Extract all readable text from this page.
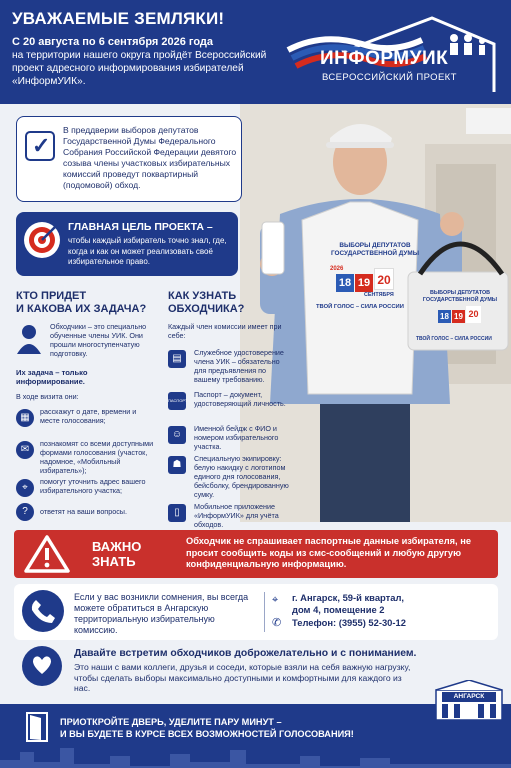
УВАЖАЕМЫЕ ЗЕМЛЯКИ!
С 20 августа по 6 сентября 2026 года
на территории нашего округа пройдёт Всероссийский проект адресного информирования избирателей «ИнформУИК».
ИНФОРМУИК
ВСЕРОССИЙСКИЙ ПРОЕКТ
ВЫБОРЫ ДЕПУТАТОВ
ГОСУДАРСТВЕННОЙ ДУМЫ
2026
18 19 20
СЕНТЯБРЯ
ТВОЙ ГОЛОС – СИЛА РОССИИ
ВЫБОРЫ ДЕПУТАТОВ
ГОСУДАРСТВЕННОЙ ДУМЫ
18 19 20
ТВОЙ ГОЛОС – СИЛА РОССИИ
✓
В преддверии выборов депутатов Государственной Думы Федерального Собрания Российской Федерации девятого созыва члены участковых избирательных комиссий проведут поквартирный (подомовой) обход.
ГЛАВНАЯ ЦЕЛЬ ПРОЕКТА –
чтобы каждый избиратель точно знал, где, когда и как он может реализовать своё избирательное право.
КТО ПРИДЕТ
И КАКОВА ИХ ЗАДАЧА?
Обходчики – это специально обученные члены УИК. Они прошли многоступенчатую подготовку.
Их задача – только информирование.
В ходе визита они:
▦
расскажут о дате, времени и месте голосования;
✉
познакомят со всеми доступными формами голосования (участок, надомное, «Мобильный избиратель»);
⌖
помогут уточнить адрес вашего избирательного участка;
?	ответят на ваши вопросы.
КАК УЗНАТЬ
ОБХОДЧИКА?
Каждый член комиссии имеет при себе:
▤
Служебное удостоверение члена УИК – обязательно для предъявления по вашему требованию.
ПАСПОРТ
Паспорт – документ, удостоверяющий личность.
☺
Именной бейдж с ФИО и номером избирательного участка.
☗
Специальную экипировку: белую накидку с логотипом единого дня голосования, бейсболку, брендированную сумку.
▯
Мобильное приложение «ИнформУИК» для учёта обходов.
ВАЖНО
ЗНАТЬ
Обходчик не спрашивает паспортные данные избирателя, не просит сообщить коды из смс-сообщений и любую другую конфиденциальную информацию.
Если у вас возникли сомнения, вы всегда можете обратиться в Ангарскую территориальную избирательную комиссию.
⌖ г. Ангарск, 59-й квартал,
дом 4, помещение 2
✆ Телефон: (3955) 52-30-12
Давайте встретим обходчиков доброжелательно и с пониманием.
Это наши с вами коллеги, друзья и соседи, которые взяли на себя важную нагрузку, чтобы сделать выборы максимально доступными и комфортными для каждого из нас.
ПРИОТКРОЙТЕ ДВЕРЬ, УДЕЛИТЕ ПАРУ МИНУТ –
И ВЫ БУДЕТЕ В КУРСЕ ВСЕХ ВОЗМОЖНОСТЕЙ ГОЛОСОВАНИЯ!
АНГАРСК
